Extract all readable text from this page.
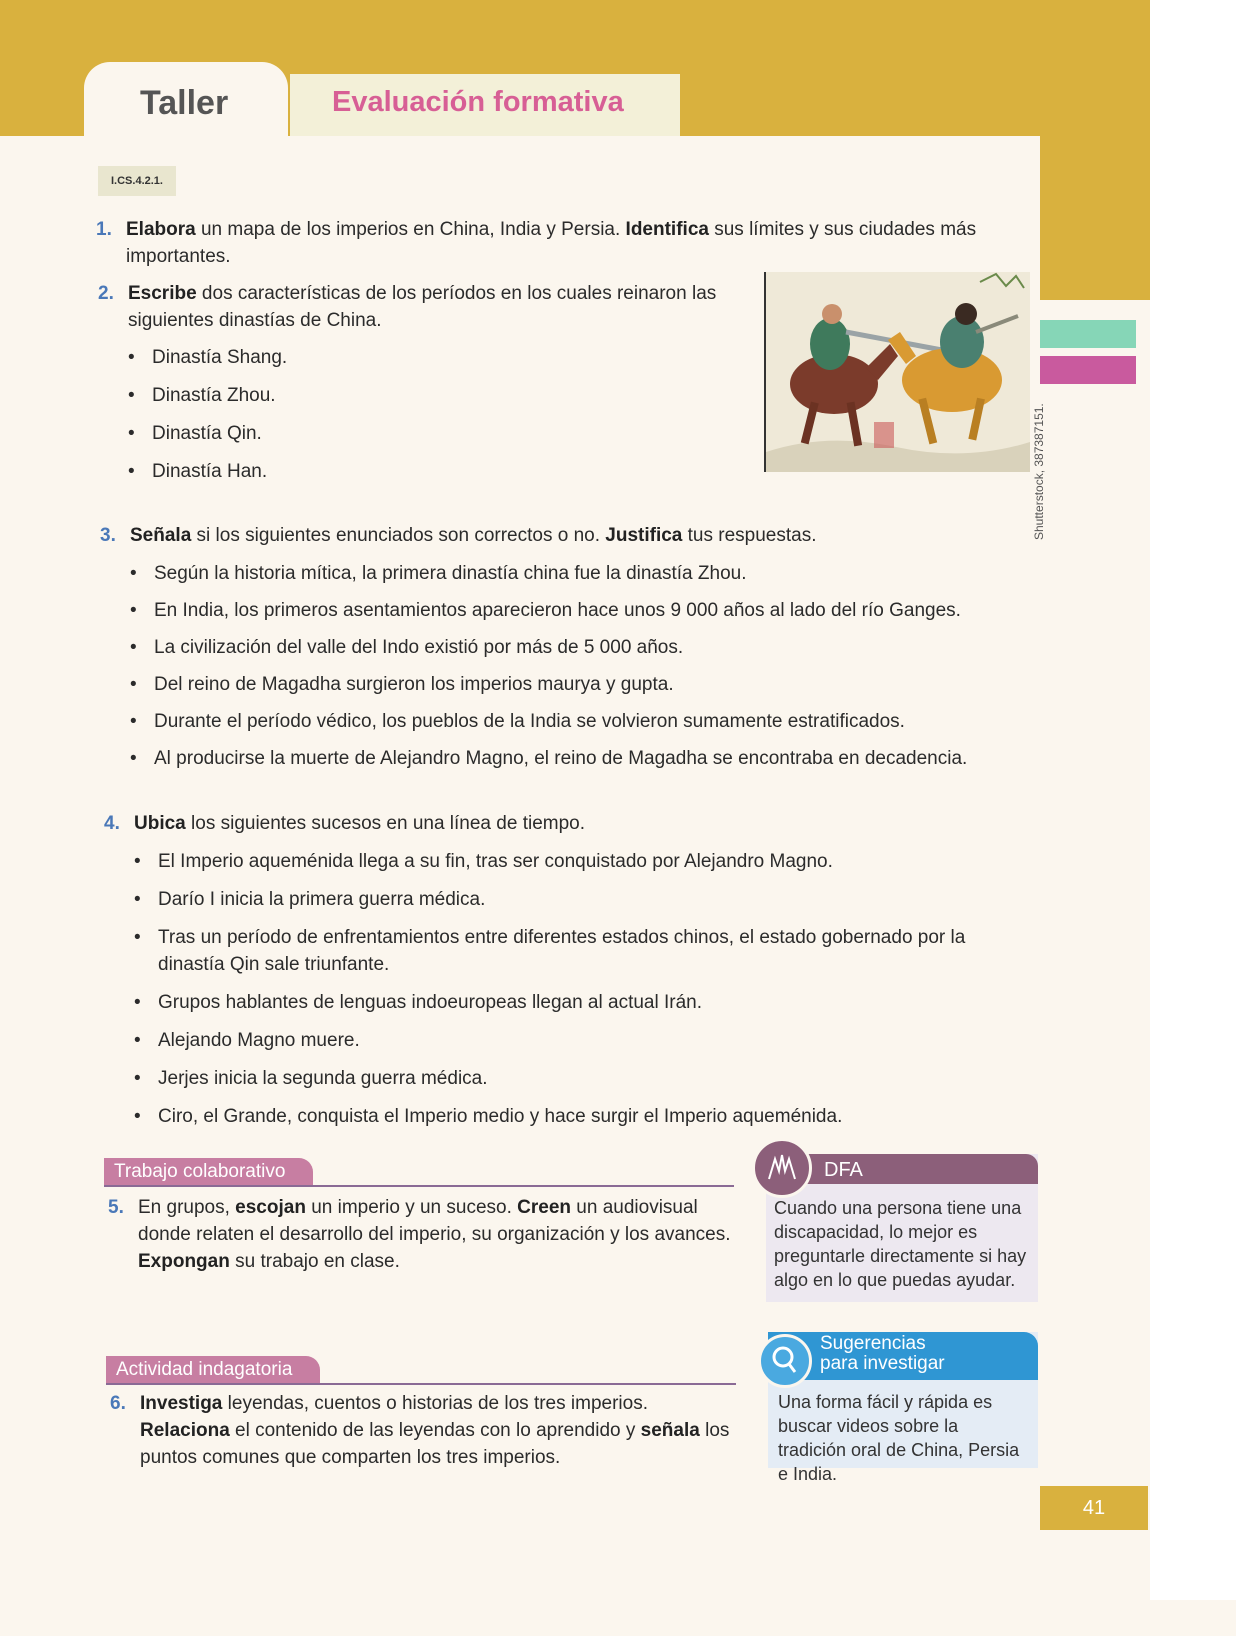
Taller	Evaluación formativa
I.CS.4.2.1.
Shutterstock, 387387151.
1. Elabora un mapa de los imperios en China, India y Persia. Identifica sus límites y sus ciudades más importantes.
2. Escribe dos características de los períodos en los cuales reinaron las siguientes dinastías de China.
• Dinastía Shang.
• Dinastía Zhou.
• Dinastía Qin.
• Dinastía Han.
3. Señala si los siguientes enunciados son correctos o no. Justifica tus respuestas.
• Según la historia mítica, la primera dinastía china fue la dinastía Zhou.
• En India, los primeros asentamientos aparecieron hace unos 9 000 años al lado del río Ganges.
• La civilización del valle del Indo existió por más de 5 000 años.
• Del reino de Magadha surgieron los imperios maurya y gupta.
• Durante el período védico, los pueblos de la India se volvieron sumamente estratificados.
• Al producirse la muerte de Alejandro Magno, el reino de Magadha se encontraba en decadencia.
4. Ubica los siguientes sucesos en una línea de tiempo.
• El Imperio aqueménida llega a su fin, tras ser conquistado por Alejandro Magno.
• Darío I inicia la primera guerra médica.
• Tras un período de enfrentamientos entre diferentes estados chinos, el estado gobernado por la dinastía Qin sale triunfante.
• Grupos hablantes de lenguas indoeuropeas llegan al actual Irán.
• Alejando Magno muere.
• Jerjes inicia la segunda guerra médica.
• Ciro, el Grande, conquista el Imperio medio y hace surgir el Imperio aqueménida.
Trabajo colaborativo
5. En grupos, escojan un imperio y un suceso. Creen un audiovisual donde relaten el desarrollo del imperio, su organización y los avances. Expongan su trabajo en clase.
Actividad indagatoria
6. Investiga leyendas, cuentos o historias de los tres imperios. Relaciona el contenido de las leyendas con lo aprendido y señala los puntos comunes que comparten los tres imperios.
DFA
Cuando una persona tiene una discapacidad, lo mejor es preguntarle directamente si hay algo en lo que puedas ayudar.
Sugerencias
para investigar
Una forma fácil y rápida es buscar videos sobre la tradición oral de China, Persia e India.
41
